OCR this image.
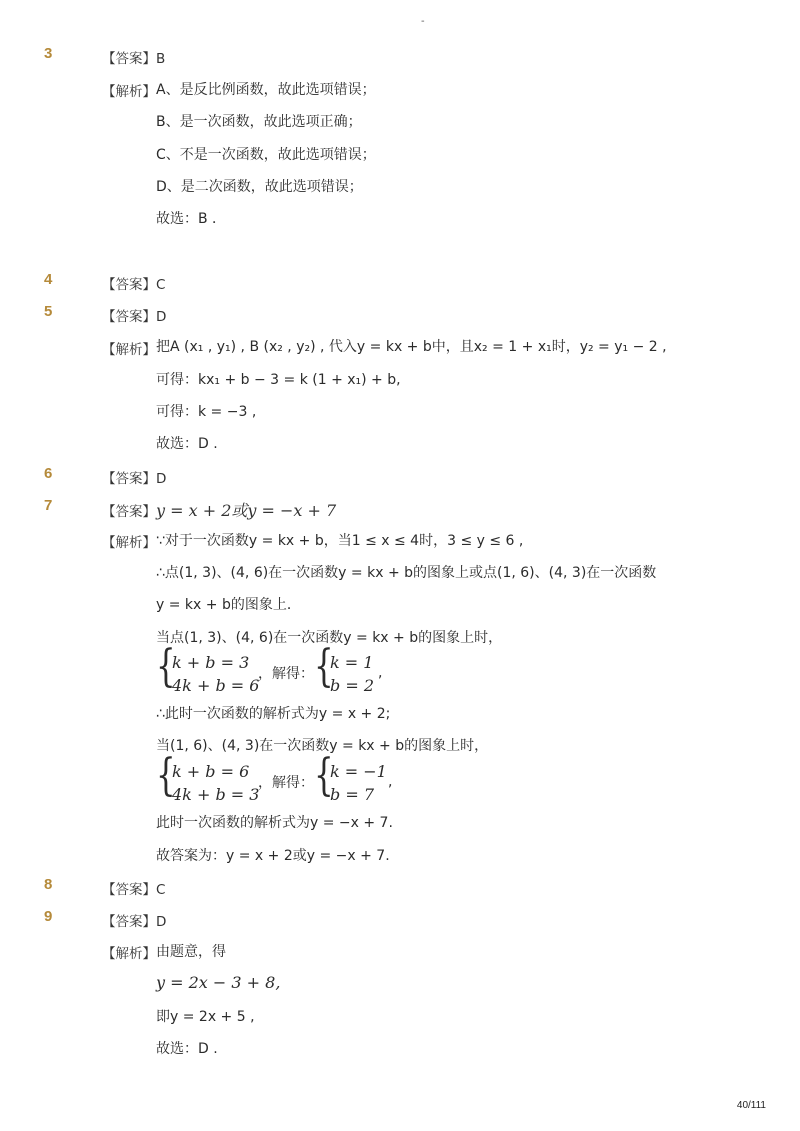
-
3	【答案】B
【解析】 A、是反比例函数，故此选项错误；
B、是一次函数，故此选项正确；
C、不是一次函数，故此选项错误；
D、是二次函数，故此选项错误；
故选：B ．
4	【答案】C
5	【答案】D
【解析】 把A (x₁ , y₁) , B (x₂ , y₂) , 代入y = kx + b中，且x₂ = 1 + x₁时，y₂ = y₁ − 2 ,
可得：kx₁ + b − 3 = k (1 + x₁) + b,
可得：k = −3 ,
故选：D .
6	【答案】D
7	【答案】y = x + 2或y = −x + 7
【解析】 ∵对于一次函数y = kx + b，当1 ≤ x ≤ 4时，3 ≤ y ≤ 6 ,
∴点(1, 3)、(4, 6)在一次函数y = kx + b的图象上或点(1, 6)、(4, 3)在一次函数
y = kx + b的图象上．
当点(1, 3)、(4, 6)在一次函数y = kx + b的图象上时，
{
k + b = 3
4k + b = 6
，解得： {
k = 1
b = 2
,
∴此时一次函数的解析式为y = x + 2;
当(1, 6)、(4, 3)在一次函数y = kx + b的图象上时，
{
k + b = 6
4k + b = 3
，解得： {
k = −1
b = 7
,
此时一次函数的解析式为y = −x + 7.
故答案为：y = x + 2或y = −x + 7.
8	【答案】C
9	【答案】D
【解析】 由题意，得
y = 2x − 3 + 8,
即y = 2x + 5 ,
故选：D .
40/111
